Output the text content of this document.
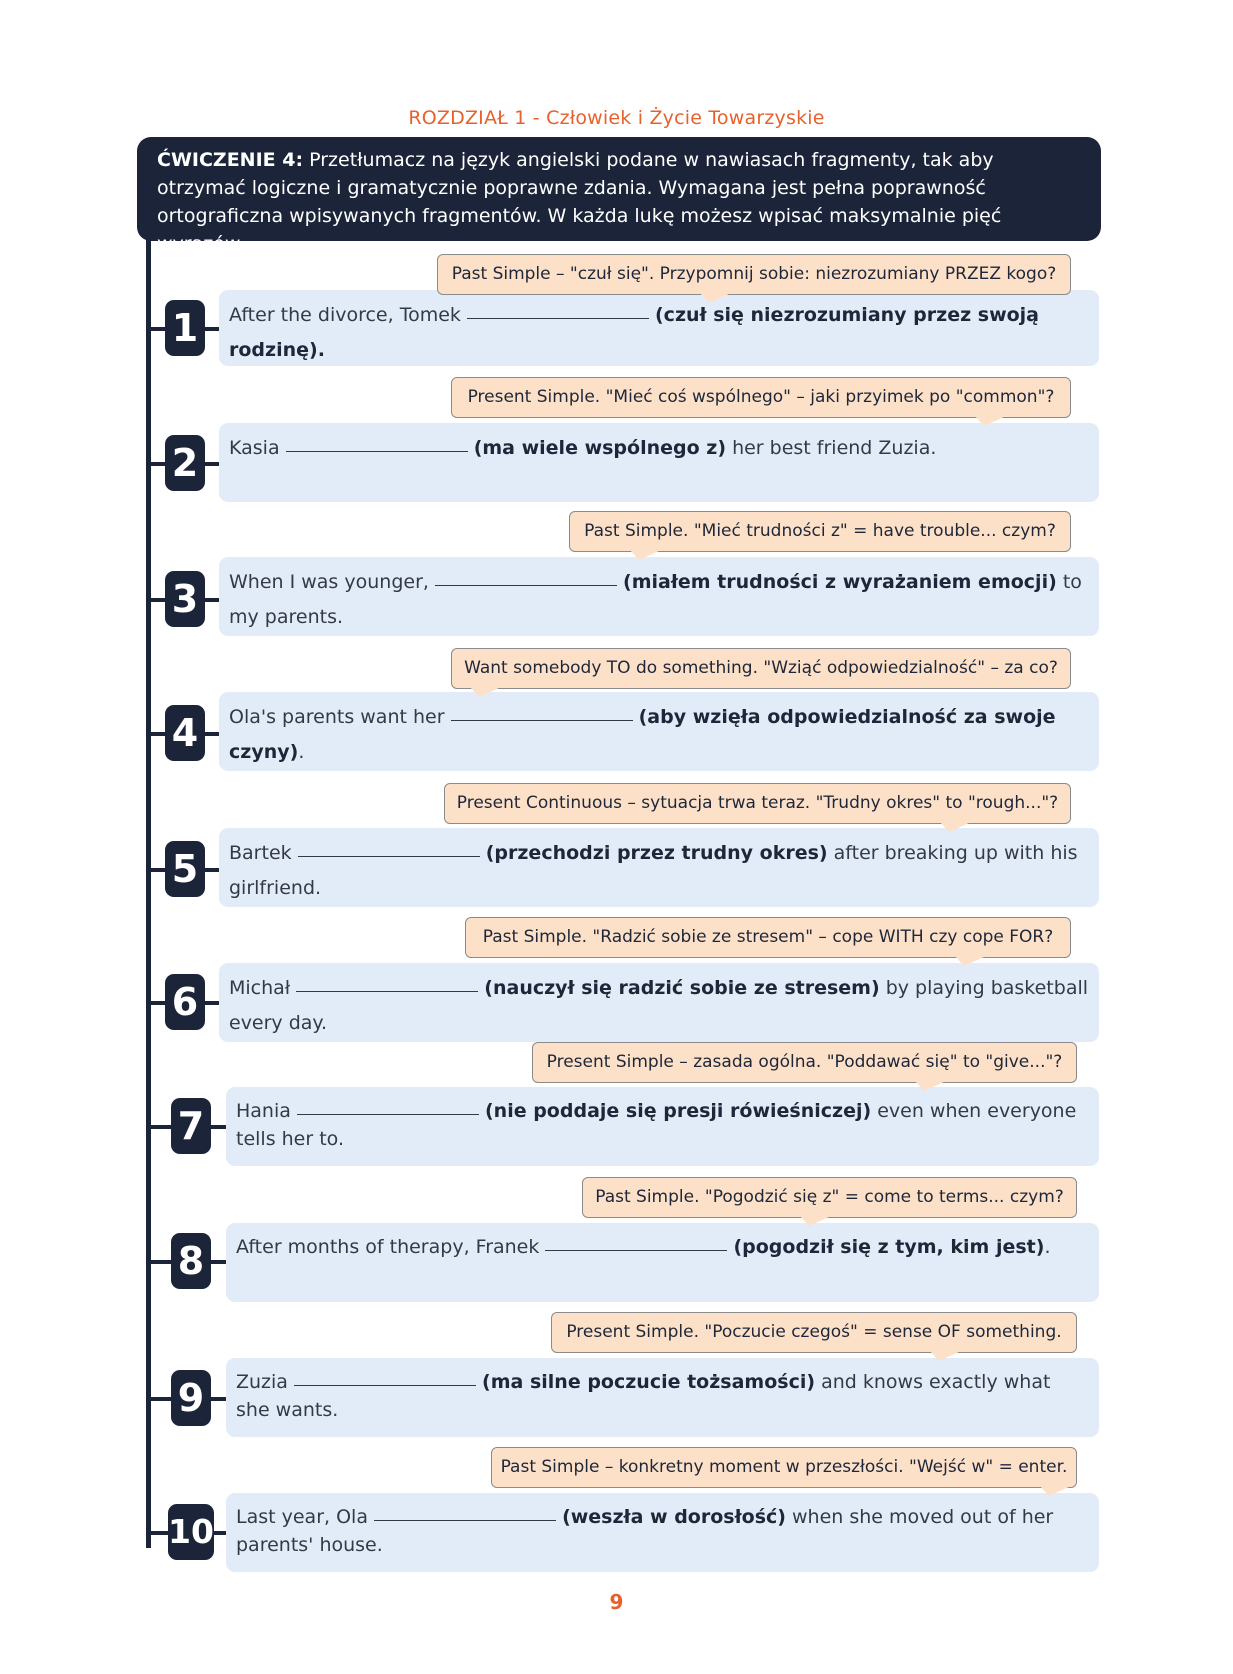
ROZDZIAŁ 1 - Człowiek i Życie Towarzyskie
ĆWICZENIE 4: Przetłumacz na język angielski podane w nawiasach fragmenty, tak aby otrzymać logiczne i gramatycznie poprawne zdania. Wymagana jest pełna poprawność ortograficzna wpisywanych fragmentów. W każda lukę możesz wpisać maksymalnie pięć wyrazów.
After the divorce, Tomek	(czuł się niezrozumiany przez swoją rodzinę).
1
Past Simple – "czuł się". Przypomnij sobie: niezrozumiany PRZEZ kogo?
Kasia	(ma wiele wspólnego z) her best friend Zuzia.
2
Present Simple. "Mieć coś wspólnego" – jaki przyimek po "common"?
When I was younger,	(miałem trudności z wyrażaniem emocji) to my parents.
3
Past Simple. "Mieć trudności z" = have trouble... czym?
Ola's parents want her	(aby wzięła odpowiedzialność za swoje czyny).
4
Want somebody TO do something. "Wziąć odpowiedzialność" – za co?
Bartek	(przechodzi przez trudny okres) after breaking up with his girlfriend.
5
Present Continuous – sytuacja trwa teraz. "Trudny okres" to "rough..."?
Michał	(nauczył się radzić sobie ze stresem) by playing basketball every day.
6
Past Simple. "Radzić sobie ze stresem" – cope WITH czy cope FOR?
Hania	(nie poddaje się presji rówieśniczej) even when everyone tells her to.
7
Present Simple – zasada ogólna. "Poddawać się" to "give..."?
After months of therapy, Franek	(pogodził się z tym, kim jest).
8
Past Simple. "Pogodzić się z" = come to terms... czym?
Zuzia	(ma silne poczucie tożsamości) and knows exactly what she wants.
9
Present Simple. "Poczucie czegoś" = sense OF something.
Last year, Ola	(weszła w dorosłość) when she moved out of her parents' house.
10
Past Simple – konkretny moment w przeszłości. "Wejść w" = enter.
9
